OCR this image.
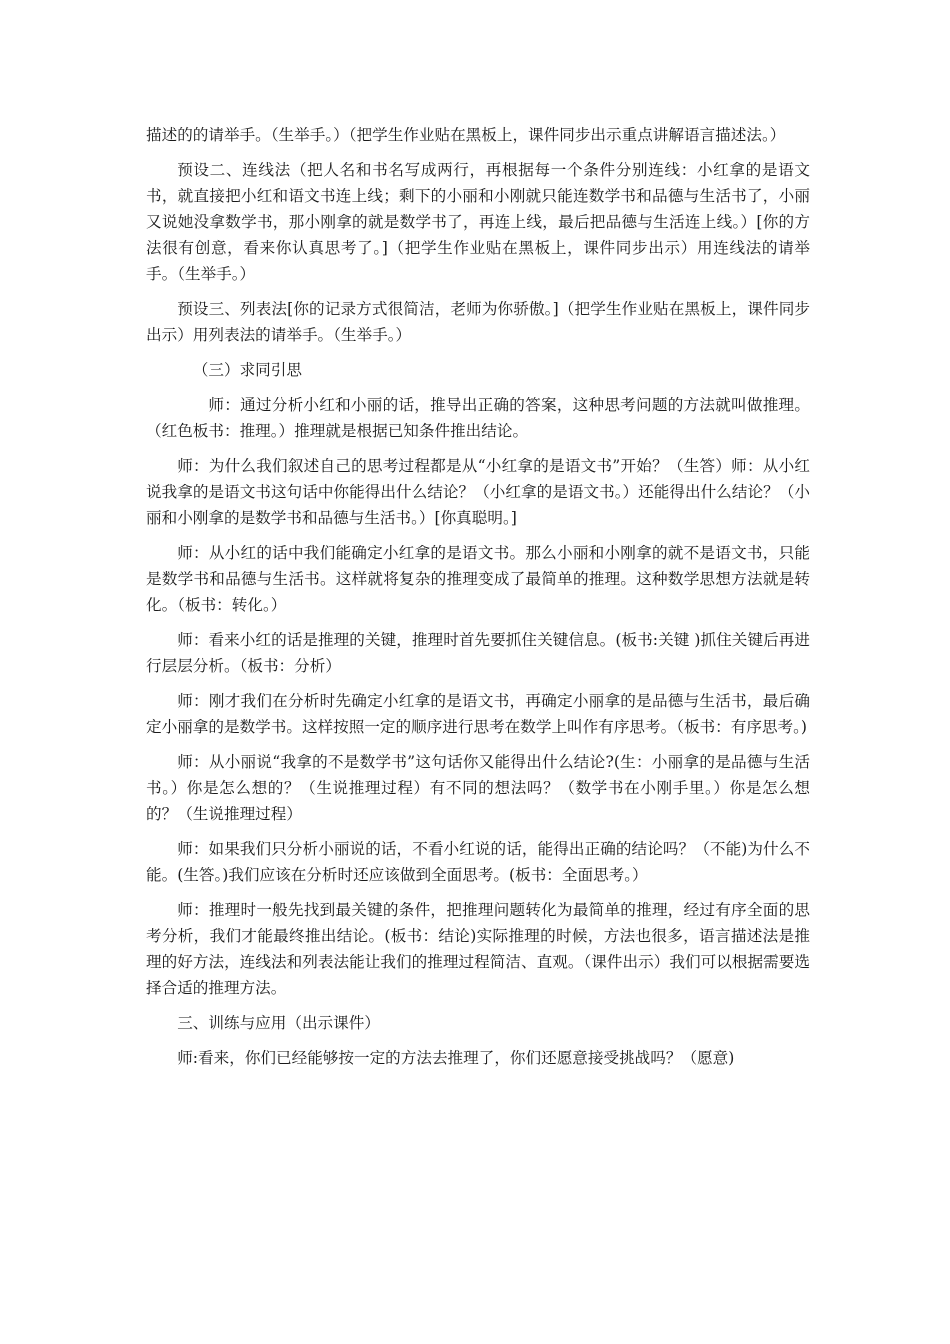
描述的的请举手。（生举手。）（把学生作业贴在黑板上，课件同步出示重点讲解语言描述法。）

预设二、连线法（把人名和书名写成两行，再根据每一个条件分别连线：小红拿的是语文书，就直接把小红和语文书连上线；剩下的小丽和小刚就只能连数学书和品德与生活书了，小丽又说她没拿数学书，那小刚拿的就是数学书了，再连上线，最后把品德与生活连上线。）[你的方法很有创意，看来你认真思考了。]（把学生作业贴在黑板上，课件同步出示）用连线法的请举手。（生举手。）

预设三、列表法[你的记录方式很简洁，老师为你骄傲。]（把学生作业贴在黑板上，课件同步出示）用列表法的请举手。（生举手。）

（三）求同引思

师：通过分析小红和小丽的话，推导出正确的答案，这种思考问题的方法就叫做推理。（红色板书：推理。）推理就是根据已知条件推出结论。

师：为什么我们叙述自己的思考过程都是从“小红拿的是语文书”开始？（生答）师：从小红说我拿的是语文书这句话中你能得出什么结论？（小红拿的是语文书。）还能得出什么结论？（小丽和小刚拿的是数学书和品德与生活书。）[你真聪明。]

师：从小红的话中我们能确定小红拿的是语文书。那么小丽和小刚拿的就不是语文书，只能是数学书和品德与生活书。这样就将复杂的推理变成了最简单的推理。这种数学思想方法就是转化。（板书：转化。）

师：看来小红的话是推理的关键，推理时首先要抓住关键信息。(板书:关键 )抓住关键后再进行层层分析。（板书：分析）

师：刚才我们在分析时先确定小红拿的是语文书，再确定小丽拿的是品德与生活书，最后确定小丽拿的是数学书。这样按照一定的顺序进行思考在数学上叫作有序思考。（板书：有序思考。)

师：从小丽说“我拿的不是数学书”这句话你又能得出什么结论?(生：小丽拿的是品德与生活书。）你是怎么想的？（生说推理过程）有不同的想法吗？（数学书在小刚手里。）你是怎么想的？（生说推理过程）

师：如果我们只分析小丽说的话，不看小红说的话，能得出正确的结论吗？（不能)为什么不能。(生答。)我们应该在分析时还应该做到全面思考。(板书：全面思考。）

师：推理时一般先找到最关键的条件，把推理问题转化为最简单的推理，经过有序全面的思考分析，我们才能最终推出结论。(板书：结论)实际推理的时候，方法也很多，语言描述法是推理的好方法，连线法和列表法能让我们的推理过程简洁、直观。（课件出示）我们可以根据需要选择合适的推理方法。

三、训练与应用（出示课件）

师:看来，你们已经能够按一定的方法去推理了，你们还愿意接受挑战吗？（愿意)
